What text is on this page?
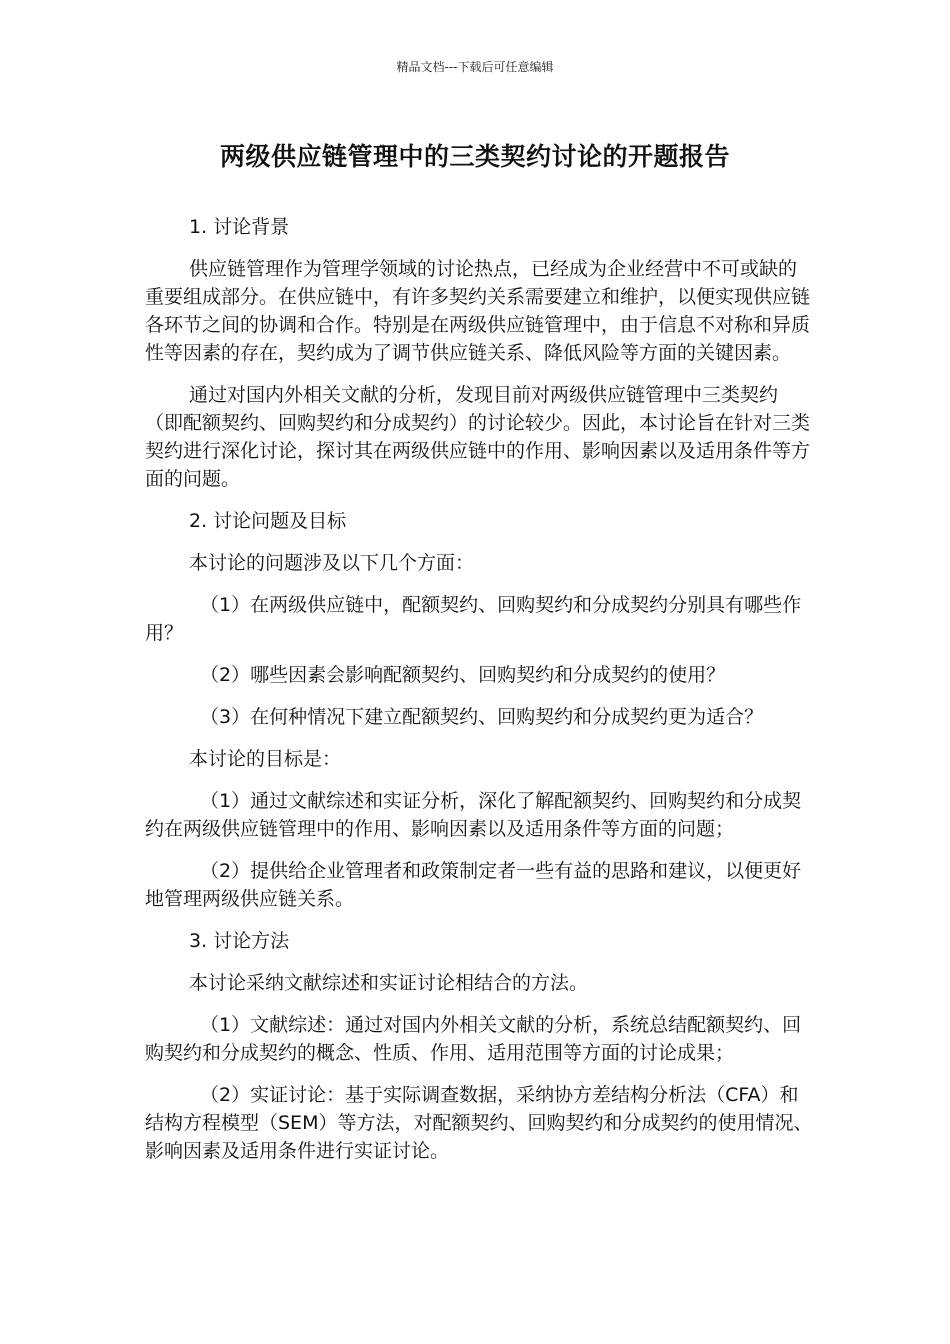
精品文档---下载后可任意编辑
两级供应链管理中的三类契约讨论的开题报告

1. 讨论背景

供应链管理作为管理学领域的讨论热点，已经成为企业经营中不可或缺的重要组成部分。在供应链中，有许多契约关系需要建立和维护，以便实现供应链各环节之间的协调和合作。特别是在两级供应链管理中，由于信息不对称和异质性等因素的存在，契约成为了调节供应链关系、降低风险等方面的关键因素。

通过对国内外相关文献的分析，发现目前对两级供应链管理中三类契约（即配额契约、回购契约和分成契约）的讨论较少。因此，本讨论旨在针对三类契约进行深化讨论，探讨其在两级供应链中的作用、影响因素以及适用条件等方面的问题。

2. 讨论问题及目标

本讨论的问题涉及以下几个方面：

（1）在两级供应链中，配额契约、回购契约和分成契约分别具有哪些作用？

（2）哪些因素会影响配额契约、回购契约和分成契约的使用？

（3）在何种情况下建立配额契约、回购契约和分成契约更为适合？

本讨论的目标是：

（1）通过文献综述和实证分析，深化了解配额契约、回购契约和分成契约在两级供应链管理中的作用、影响因素以及适用条件等方面的问题；

（2）提供给企业管理者和政策制定者一些有益的思路和建议，以便更好地管理两级供应链关系。

3. 讨论方法

本讨论采纳文献综述和实证讨论相结合的方法。

（1）文献综述：通过对国内外相关文献的分析，系统总结配额契约、回购契约和分成契约的概念、性质、作用、适用范围等方面的讨论成果；

（2）实证讨论：基于实际调查数据，采纳协方差结构分析法（CFA）和结构方程模型（SEM）等方法，对配额契约、回购契约和分成契约的使用情况、影响因素及适用条件进行实证讨论。
